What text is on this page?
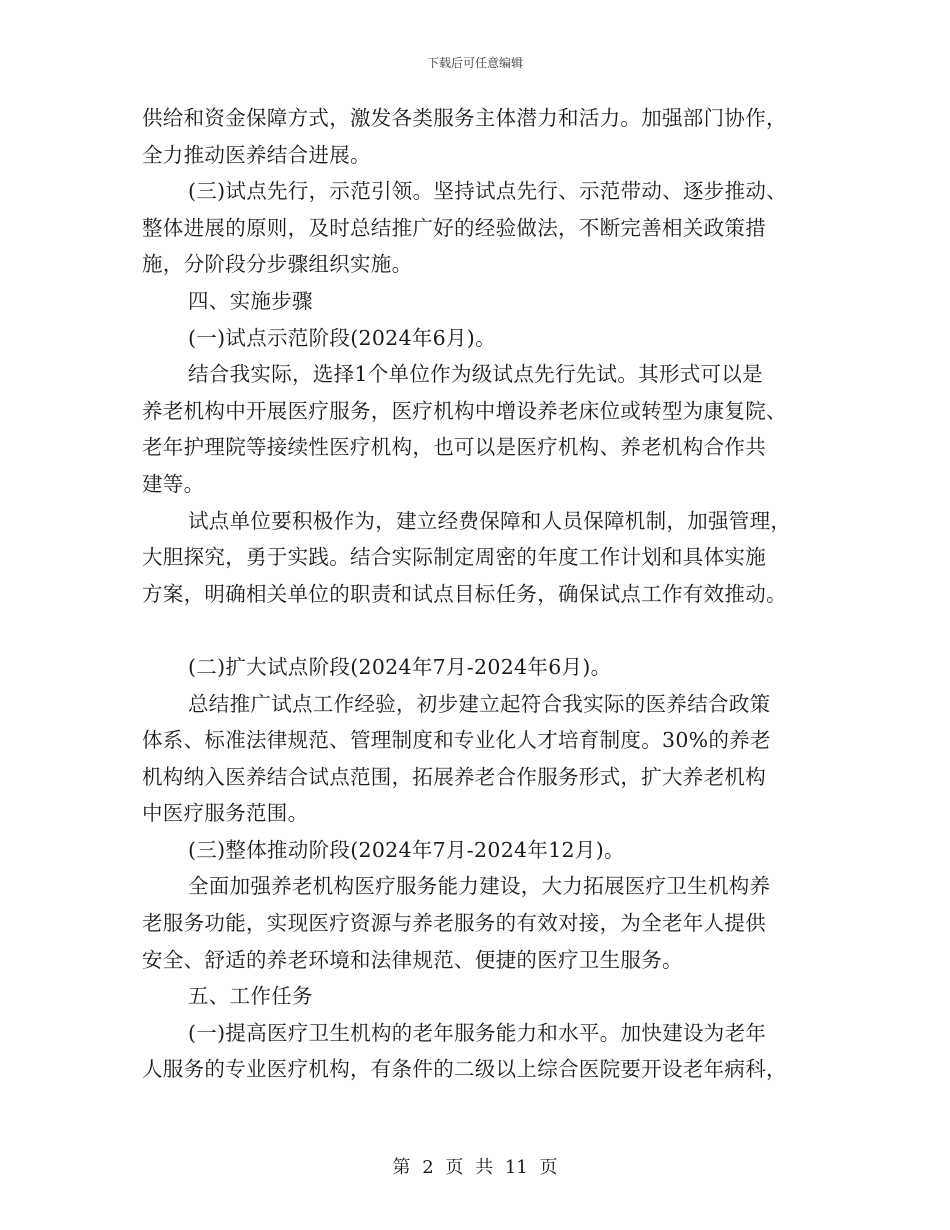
下载后可任意编辑
供给和资金保障方式，激发各类服务主体潜力和活力。加强部门协作，
全力推动医养结合进展。
(三)试点先行，示范引领。坚持试点先行、示范带动、逐步推动、
整体进展的原则，及时总结推广好的经验做法，不断完善相关政策措
施，分阶段分步骤组织实施。
四、实施步骤
(一)试点示范阶段(2024年6月)。
结合我实际，选择1个单位作为级试点先行先试。其形式可以是
养老机构中开展医疗服务，医疗机构中增设养老床位或转型为康复院、
老年护理院等接续性医疗机构，也可以是医疗机构、养老机构合作共
建等。
试点单位要积极作为，建立经费保障和人员保障机制，加强管理，
大胆探究，勇于实践。结合实际制定周密的年度工作计划和具体实施
方案，明确相关单位的职责和试点目标任务，确保试点工作有效推动。
(二)扩大试点阶段(2024年7月-2024年6月)。
总结推广试点工作经验，初步建立起符合我实际的医养结合政策
体系、标准法律规范、管理制度和专业化人才培育制度。30%的养老
机构纳入医养结合试点范围，拓展养老合作服务形式，扩大养老机构
中医疗服务范围。
(三)整体推动阶段(2024年7月-2024年12月)。
全面加强养老机构医疗服务能力建设，大力拓展医疗卫生机构养
老服务功能，实现医疗资源与养老服务的有效对接，为全老年人提供
安全、舒适的养老环境和法律规范、便捷的医疗卫生服务。
五、工作任务
(一)提高医疗卫生机构的老年服务能力和水平。加快建设为老年
人服务的专业医疗机构，有条件的二级以上综合医院要开设老年病科，
第 2 页 共 11 页
